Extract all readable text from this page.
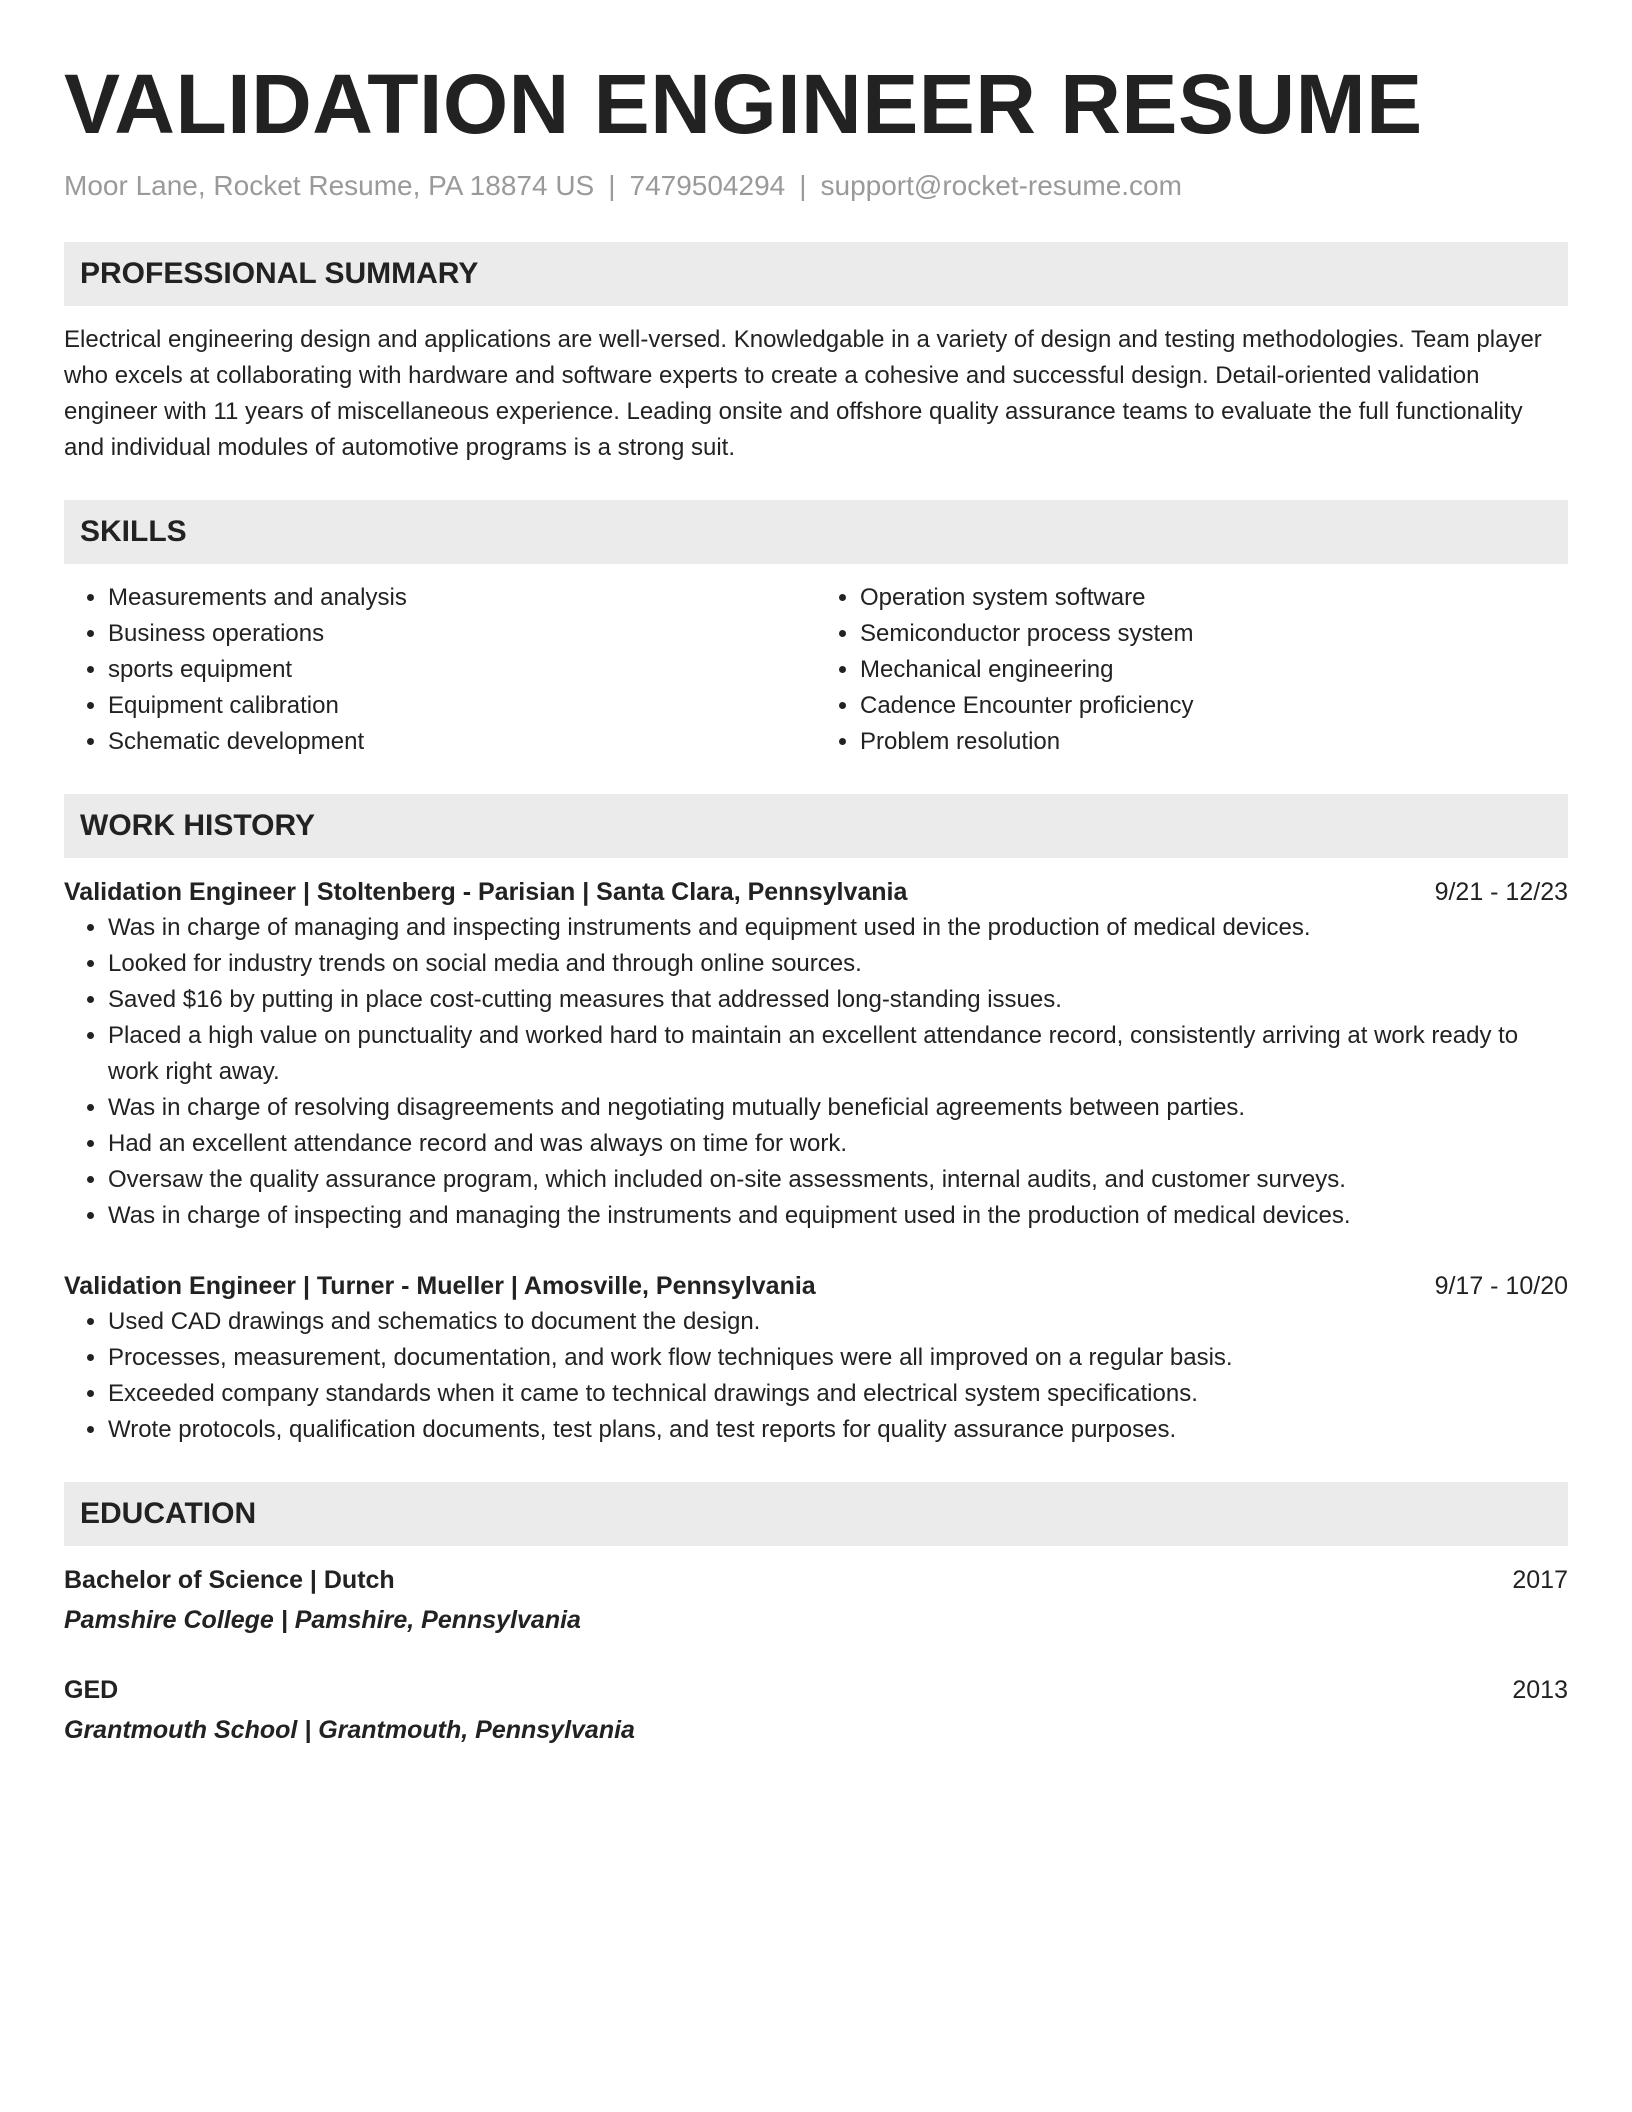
VALIDATION ENGINEER RESUME
Moor Lane, Rocket Resume, PA 18874 US | 7479504294 | support@rocket-resume.com
PROFESSIONAL SUMMARY
Electrical engineering design and applications are well-versed. Knowledgable in a variety of design and testing methodologies. Team player who excels at collaborating with hardware and software experts to create a cohesive and successful design. Detail-oriented validation engineer with 11 years of miscellaneous experience. Leading onsite and offshore quality assurance teams to evaluate the full functionality and individual modules of automotive programs is a strong suit.
SKILLS
• Measurements and analysis
• Business operations
• sports equipment
• Equipment calibration
• Schematic development
• Operation system software
• Semiconductor process system
• Mechanical engineering
• Cadence Encounter proficiency
• Problem resolution
WORK HISTORY
Validation Engineer | Stoltenberg - Parisian | Santa Clara, Pennsylvania	9/21 - 12/23
• Was in charge of managing and inspecting instruments and equipment used in the production of medical devices.
• Looked for industry trends on social media and through online sources.
• Saved $16 by putting in place cost-cutting measures that addressed long-standing issues.
• Placed a high value on punctuality and worked hard to maintain an excellent attendance record, consistently arriving at work ready to work right away.
• Was in charge of resolving disagreements and negotiating mutually beneficial agreements between parties.
• Had an excellent attendance record and was always on time for work.
• Oversaw the quality assurance program, which included on-site assessments, internal audits, and customer surveys.
• Was in charge of inspecting and managing the instruments and equipment used in the production of medical devices.
Validation Engineer | Turner - Mueller | Amosville, Pennsylvania	9/17 - 10/20
• Used CAD drawings and schematics to document the design.
• Processes, measurement, documentation, and work flow techniques were all improved on a regular basis.
• Exceeded company standards when it came to technical drawings and electrical system specifications.
• Wrote protocols, qualification documents, test plans, and test reports for quality assurance purposes.
EDUCATION
Bachelor of Science | Dutch	2017
Pamshire College | Pamshire, Pennsylvania
GED	2013
Grantmouth School | Grantmouth, Pennsylvania
